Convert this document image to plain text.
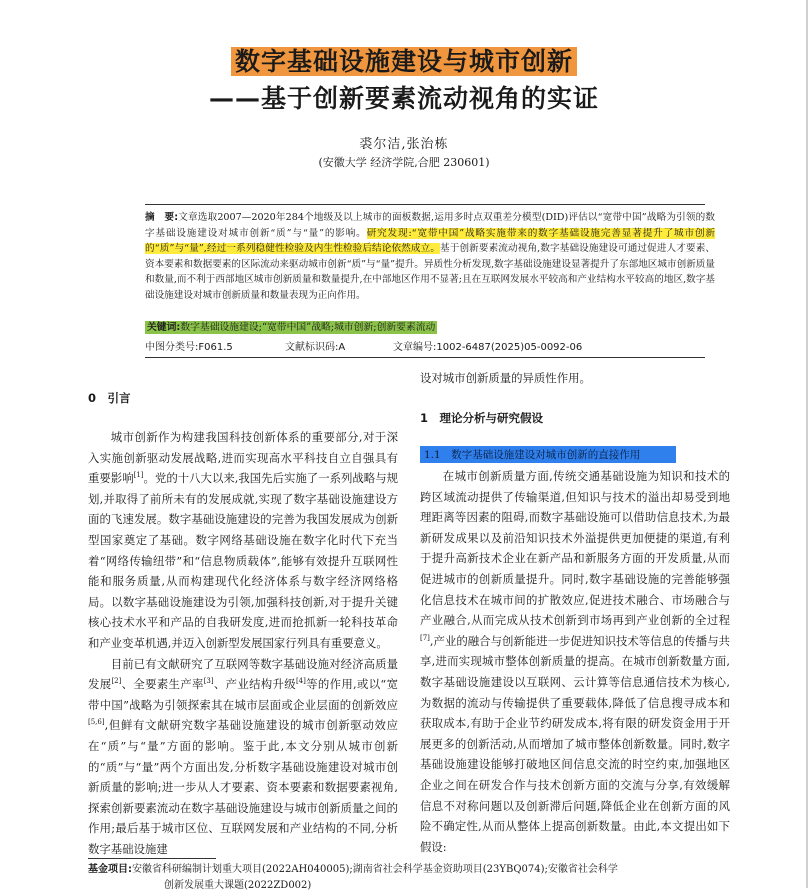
数字基础设施建设与城市创新
——基于创新要素流动视角的实证
裘尔洁,张治栋
(安徽大学 经济学院,合肥 230601)
摘　要:文章选取2007—2020年284个地级及以上城市的面板数据,运用多时点双重差分模型(DID)评估以“宽带中国”战略为引领的数字基础设施建设对城市创新“质”与“量”的影响。研究发现:“宽带中国”战略实施带来的数字基础设施完善显著提升了城市创新的“质”与“量”,经过一系列稳健性检验及内生性检验后结论依然成立。基于创新要素流动视角,数字基础设施建设可通过促进人才要素、资本要素和数据要素的区际流动来驱动城市创新“质”与“量”提升。异质性分析发现,数字基础设施建设显著提升了东部地区城市创新质量和数量,而不利于西部地区城市创新质量和数量提升,在中部地区作用不显著;且在互联网发展水平较高和产业结构水平较高的地区,数字基础设施建设对城市创新质量和数量表现为正向作用。
关键词:数字基础设施建设;“宽带中国”战略;城市创新;创新要素流动
中图分类号:F061.5	文献标识码:A	文章编号:1002-6487(2025)05-0092-06
0　引言

城市创新作为构建我国科技创新体系的重要部分,对于深入实施创新驱动发展战略,进而实现高水平科技自立自强具有重要影响[1]。党的十八大以来,我国先后实施了一系列战略与规划,并取得了前所未有的发展成就,实现了数字基础设施建设方面的飞速发展。数字基础设施建设的完善为我国发展成为创新型国家奠定了基础。数字网络基础设施在数字化时代下充当着“网络传输纽带”和“信息物质载体”,能够有效提升互联网性能和服务质量,从而构建现代化经济体系与数字经济网络格局。以数字基础设施建设为引领,加强科技创新,对于提升关键核心技术水平和产品的自我研发度,进而抢抓新一轮科技革命和产业变革机遇,并迈入创新型发展国家行列具有重要意义。

目前已有文献研究了互联网等数字基础设施对经济高质量发展[2]、全要素生产率[3]、产业结构升级[4]等的作用,或以“宽带中国”战略为引领探索其在城市层面或企业层面的创新效应[5,6],但鲜有文献研究数字基础设施建设的城市创新驱动效应在“质”与“量”方面的影响。鉴于此,本文分别从城市创新的“质”与“量”两个方面出发,分析数字基础设施建设对城市创新质量的影响;进一步从人才要素、资本要素和数据要素视角,探索创新要素流动在数字基础设施建设与城市创新质量之间的作用;最后基于城市区位、互联网发展和产业结构的不同,分析数字基础设施建

设对城市创新质量的异质性作用。

1　理论分析与研究假设
1.1　数字基础设施建设对城市创新的直接作用

在城市创新质量方面,传统交通基础设施为知识和技术的跨区域流动提供了传输渠道,但知识与技术的溢出却易受到地理距离等因素的阻碍,而数字基础设施可以借助信息技术,为最新研发成果以及前沿知识技术外溢提供更加便捷的渠道,有利于提升高新技术企业在新产品和新服务方面的开发质量,从而促进城市的创新质量提升。同时,数字基础设施的完善能够强化信息技术在城市间的扩散效应,促进技术融合、市场融合与产业融合,从而完成从技术创新到市场再到产业创新的全过程[7],产业的融合与创新能进一步促进知识技术等信息的传播与共享,进而实现城市整体创新质量的提高。在城市创新数量方面,数字基础设施建设以互联网、云计算等信息通信技术为核心,为数据的流动与传输提供了重要载体,降低了信息搜寻成本和获取成本,有助于企业节约研发成本,将有限的研发资金用于开展更多的创新活动,从而增加了城市整体创新数量。同时,数字基础设施建设能够打破地区间信息交流的时空约束,加强地区企业之间在研发合作与技术创新方面的交流与分享,有效缓解信息不对称问题以及创新滞后问题,降低企业在创新方面的风险不确定性,从而从整体上提高创新数量。由此,本文提出如下假设:

基金项目:安徽省科研编制计划重大项目(2022AH040005);湖南省社会科学基金资助项目(23YBQ074);安徽省社会科学
创新发展重大课题(2022ZD002)
